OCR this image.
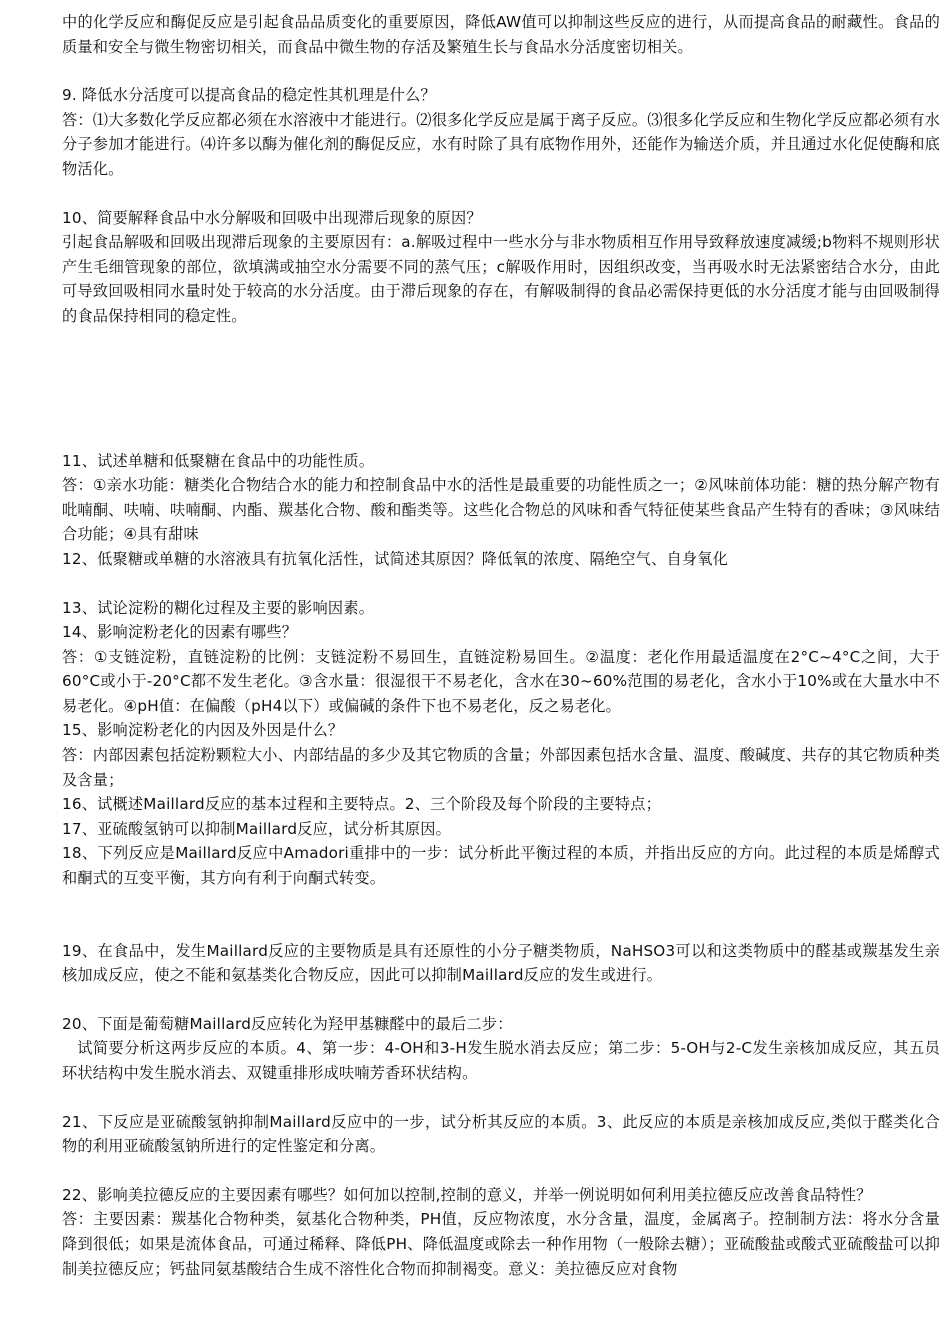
中的化学反应和酶促反应是引起食品品质变化的重要原因，降低AW值可以抑制这些反应的进行，从而提高食品的耐藏性。食品的质量和安全与微生物密切相关，而食品中微生物的存活及繁殖生长与食品水分活度密切相关。

9. 降低水分活度可以提高食品的稳定性其机理是什么？

答：⑴大多数化学反应都必须在水溶液中才能进行。⑵很多化学反应是属于离子反应。⑶很多化学反应和生物化学反应都必须有水分子参加才能进行。⑷许多以酶为催化剂的酶促反应，水有时除了具有底物作用外，还能作为输送介质，并且通过水化促使酶和底物活化。

10、简要解释食品中水分解吸和回吸中出现滞后现象的原因？

引起食品解吸和回吸出现滞后现象的主要原因有：a.解吸过程中一些水分与非水物质相互作用导致释放速度减缓;b物料不规则形状产生毛细管现象的部位，欲填满或抽空水分需要不同的蒸气压；c解吸作用时，因组织改变，当再吸水时无法紧密结合水分，由此可导致回吸相同水量时处于较高的水分活度。由于滞后现象的存在，有解吸制得的食品必需保持更低的水分活度才能与由回吸制得的食品保持相同的稳定性。

11、试述单糖和低聚糖在食品中的功能性质。

答：①亲水功能：糖类化合物结合水的能力和控制食品中水的活性是最重要的功能性质之一；②风味前体功能：糖的热分解产物有吡喃酮、呋喃、呋喃酮、内酯、羰基化合物、酸和酯类等。这些化合物总的风味和香气特征使某些食品产生特有的香味；③风味结合功能；④具有甜味

12、低聚糖或单糖的水溶液具有抗氧化活性，试简述其原因？降低氧的浓度、隔绝空气、自身氧化

13、试论淀粉的糊化过程及主要的影响因素。

14、影响淀粉老化的因素有哪些？

答：①支链淀粉，直链淀粉的比例：支链淀粉不易回生，直链淀粉易回生。②温度：老化作用最适温度在2°C~4°C之间，大于60°C或小于-20°C都不发生老化。③含水量：很湿很干不易老化，含水在30~60%范围的易老化，含水小于10%或在大量水中不易老化。④pH值：在偏酸（pH4以下）或偏碱的条件下也不易老化，反之易老化。

15、影响淀粉老化的内因及外因是什么？

答：内部因素包括淀粉颗粒大小、内部结晶的多少及其它物质的含量；外部因素包括水含量、温度、酸碱度、共存的其它物质种类及含量；

16、试概述Maillard反应的基本过程和主要特点。2、三个阶段及每个阶段的主要特点；

17、亚硫酸氢钠可以抑制Maillard反应，试分析其原因。

18、下列反应是Maillard反应中Amadori重排中的一步：试分析此平衡过程的本质，并指出反应的方向。此过程的本质是烯醇式和酮式的互变平衡，其方向有利于向酮式转变。

19、在食品中，发生Maillard反应的主要物质是具有还原性的小分子糖类物质，NaHSO3可以和这类物质中的醛基或羰基发生亲核加成反应，使之不能和氨基类化合物反应，因此可以抑制Maillard反应的发生或进行。

20、下面是葡萄糖Maillard反应转化为羟甲基糠醛中的最后二步：

试简要分析这两步反应的本质。4、第一步：4-OH和3-H发生脱水消去反应；第二步：5-OH与2-C发生亲核加成反应，其五员环状结构中发生脱水消去、双键重排形成呋喃芳香环状结构。

21、下反应是亚硫酸氢钠抑制Maillard反应中的一步，试分析其反应的本质。3、此反应的本质是亲核加成反应,类似于醛类化合物的利用亚硫酸氢钠所进行的定性鉴定和分离。

22、影响美拉德反应的主要因素有哪些？如何加以控制,控制的意义，并举一例说明如何利用美拉德反应改善食品特性？

答：主要因素：羰基化合物种类，氨基化合物种类，PH值，反应物浓度，水分含量，温度，金属离子。控制制方法：将水分含量降到很低；如果是流体食品，可通过稀释、降低PH、降低温度或除去一种作用物（一般除去糖）；亚硫酸盐或酸式亚硫酸盐可以抑制美拉德反应；钙盐同氨基酸结合生成不溶性化合物而抑制褐变。意义：美拉德反应对食物
